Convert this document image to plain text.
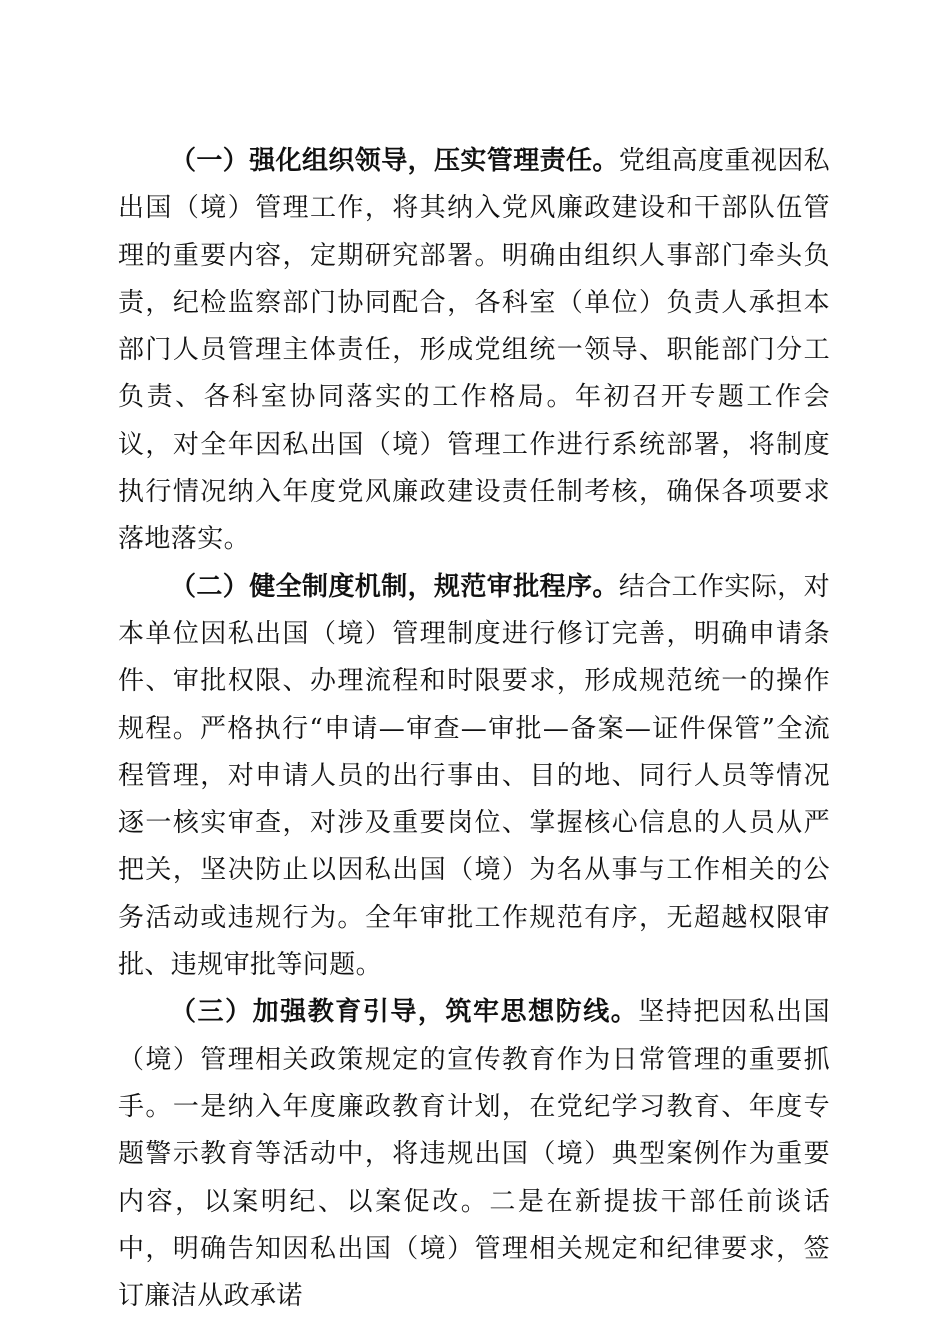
（一）强化组织领导，压实管理责任。党组高度重视因私出国（境）管理工作，将其纳入党风廉政建设和干部队伍管理的重要内容，定期研究部署。明确由组织人事部门牵头负责，纪检监察部门协同配合，各科室（单位）负责人承担本部门人员管理主体责任，形成党组统一领导、职能部门分工负责、各科室协同落实的工作格局。年初召开专题工作会议，对全年因私出国（境）管理工作进行系统部署，将制度执行情况纳入年度党风廉政建设责任制考核，确保各项要求落地落实。

（二）健全制度机制，规范审批程序。结合工作实际，对本单位因私出国（境）管理制度进行修订完善，明确申请条件、审批权限、办理流程和时限要求，形成规范统一的操作规程。严格执行“申请—审查—审批—备案—证件保管”全流程管理，对申请人员的出行事由、目的地、同行人员等情况逐一核实审查，对涉及重要岗位、掌握核心信息的人员从严把关，坚决防止以因私出国（境）为名从事与工作相关的公务活动或违规行为。全年审批工作规范有序，无超越权限审批、违规审批等问题。

（三）加强教育引导，筑牢思想防线。坚持把因私出国（境）管理相关政策规定的宣传教育作为日常管理的重要抓手。一是纳入年度廉政教育计划，在党纪学习教育、年度专题警示教育等活动中，将违规出国（境）典型案例作为重要内容，以案明纪、以案促改。二是在新提拔干部任前谈话中，明确告知因私出国（境）管理相关规定和纪律要求，签订廉洁从政承诺
